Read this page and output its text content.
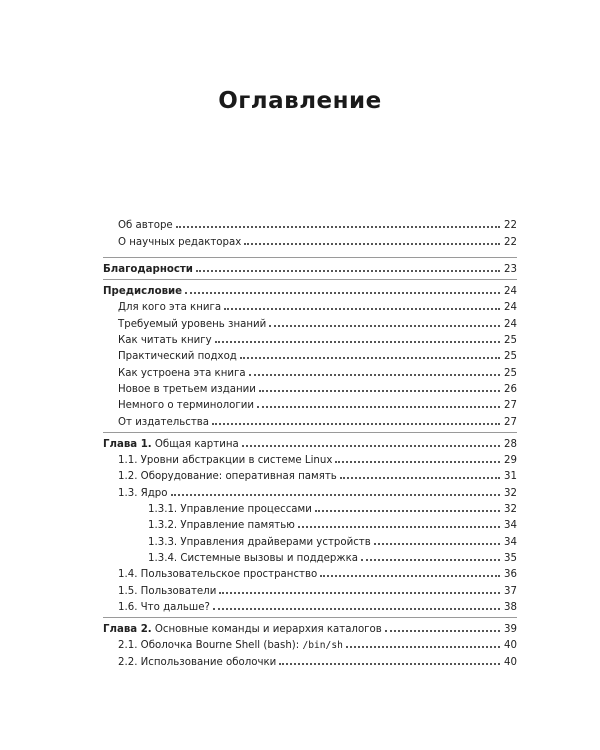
Оглавление
Об авторе	22
О научных редакторах	22
Благодарности	23
Предисловие	24
Для кого эта книга	24
Требуемый уровень знаний	24
Как читать книгу	25
Практический подход	25
Как устроена эта книга	25
Новое в третьем издании	26
Немного о терминологии	27
От издательства	27
Глава 1. Общая картина	28
1.1. Уровни абстракции в системе Linux	29
1.2. Оборудование: оперативная память	31
1.3. Ядро	32
1.3.1. Управление процессами	32
1.3.2. Управление памятью	34
1.3.3. Управления драйверами устройств	34
1.3.4. Системные вызовы и поддержка	35
1.4. Пользовательское пространство	36
1.5. Пользователи	37
1.6. Что дальше?	38
Глава 2. Основные команды и иерархия каталогов	39
2.1. Оболочка Bourne Shell (bash): /bin/sh	40
2.2. Использование оболочки	40
